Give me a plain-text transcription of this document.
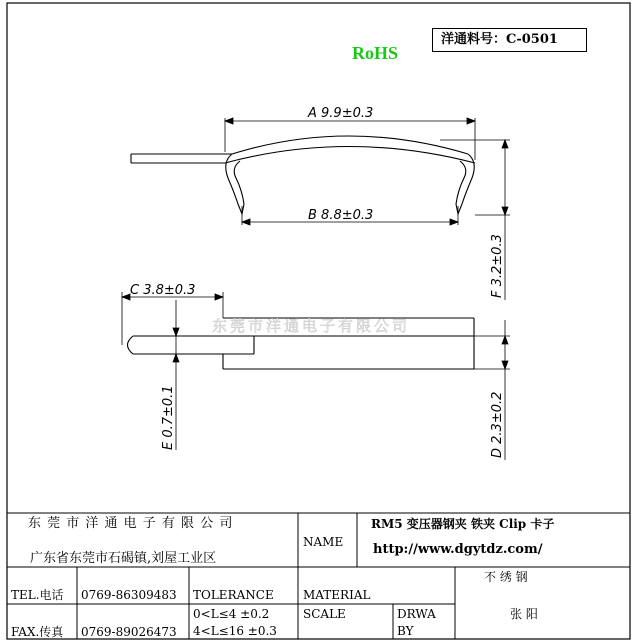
RoHS
洋通料号：C-0501
A 9.9±0.3
B 8.8±0.3
C 3.8±0.3	F 3.2±0.3
D 2.3±0.2
E 0.7±0.1
东莞市洋通电子有限公司
东 莞 市 洋 通 电 子 有 限 公 司
广东省东莞市石碣镇,刘屋工业区
NAME
RM5 变压器钢夹 铁夹 Clip 卡子
http://www.dgytdz.com/
TEL.电话 0769-86309483 TOLERANCE MATERIAL
不 绣 钢
FAX.传真 0769-89026473
0<L≤4 ±0.2
4<L≤16 ±0.3
SCALE	DRWA
BY
张 阳
